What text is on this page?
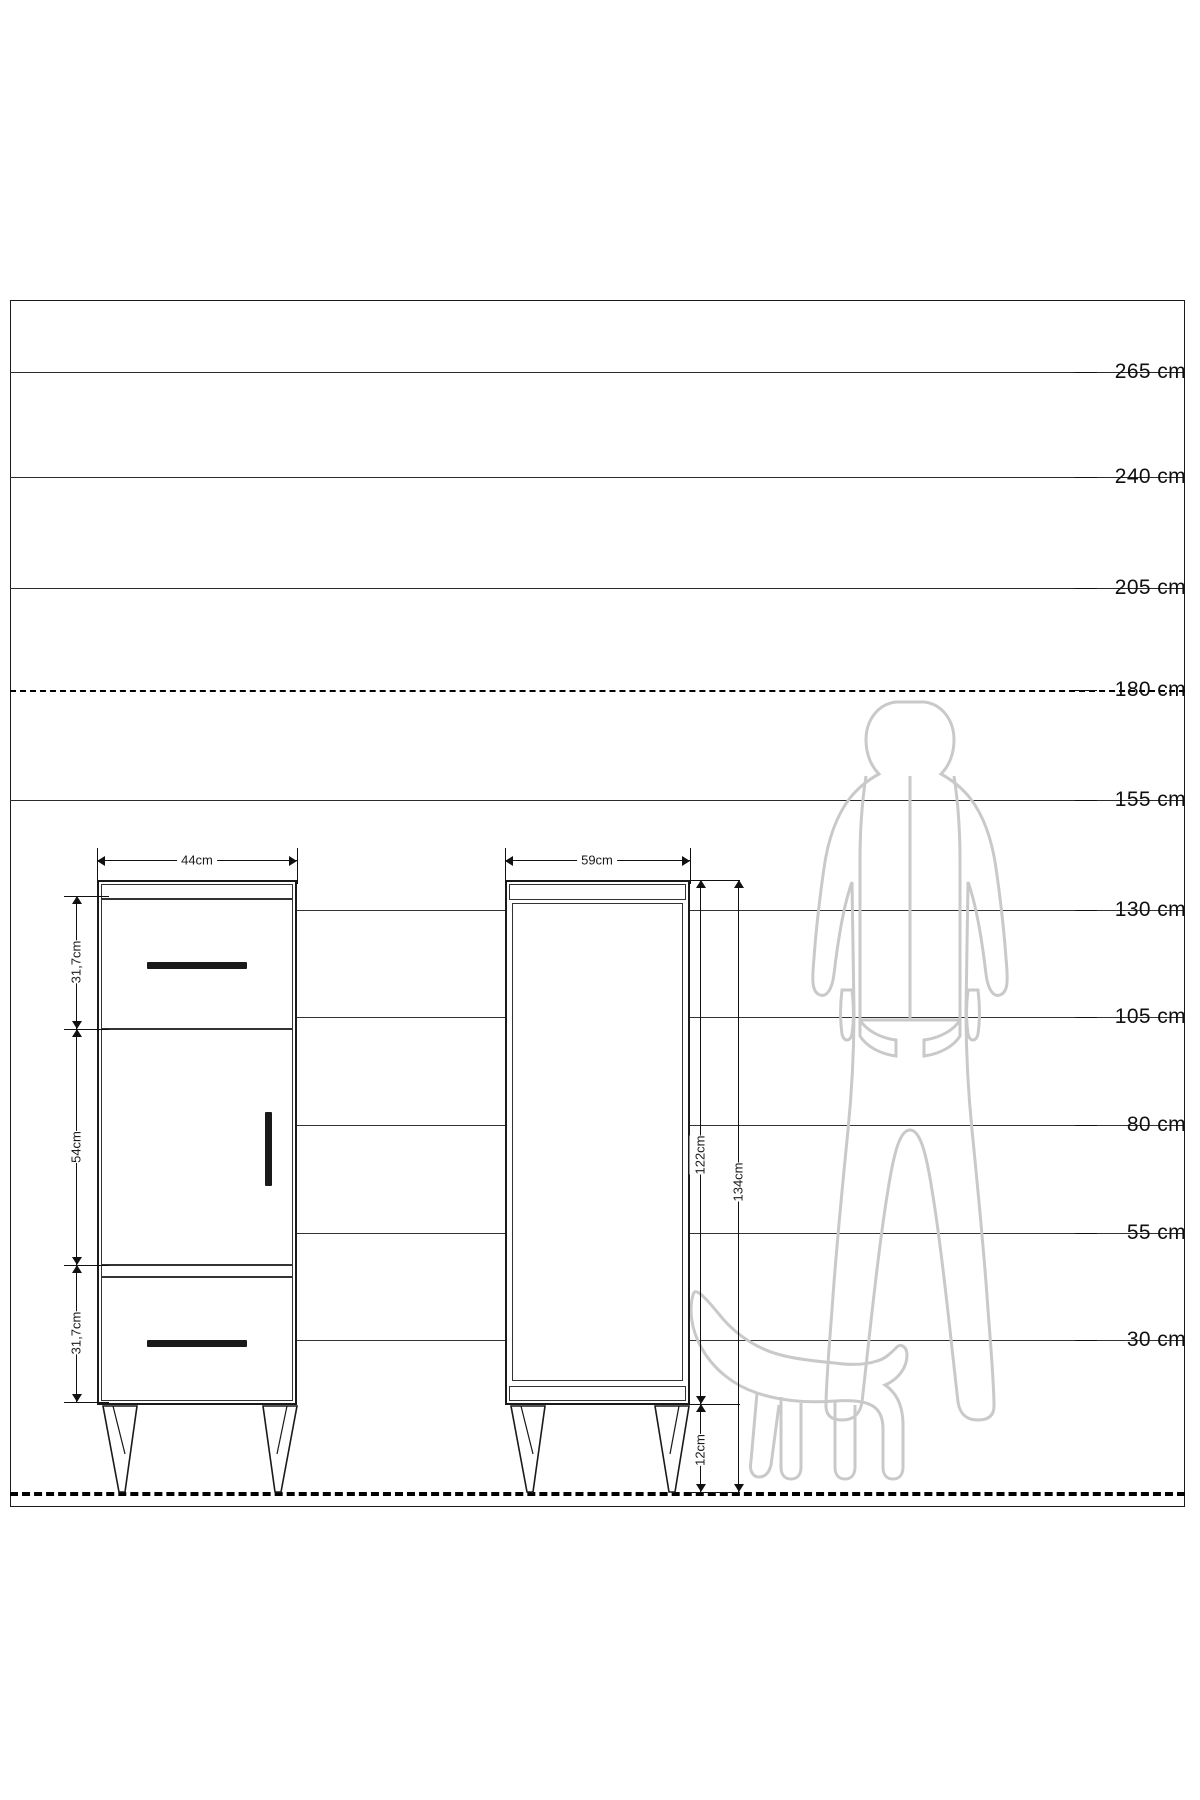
265 cm
240 cm
205 cm
180 cm
155 cm
130 cm
105 cm
80 cm
55 cm
30 cm
44cm
31,7cm
54cm
31,7cm
59cm
122cm
12cm
134cm
